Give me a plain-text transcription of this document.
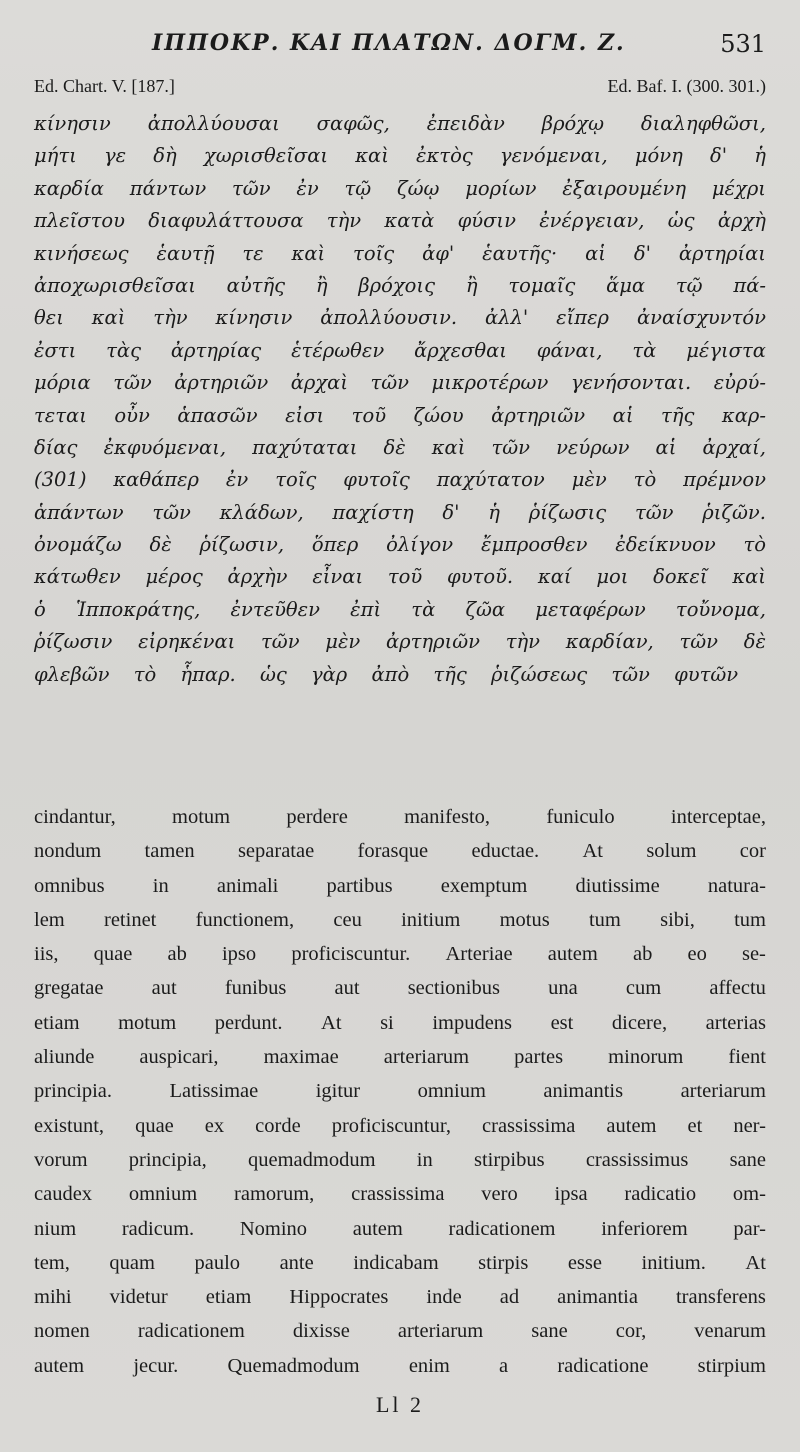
ΙΠΠΟΚΡ. ΚΑΙ ΠΛΑΤΩΝ. ΔΟΓΜ. Ζ.	531
Ed. Chart. V. [187.]	Ed. Baf. I. (300. 301.)
κίνησιν ἀπολλύουσαι σαφῶς, ἐπειδὰν βρόχῳ διαληφθῶσι,
μήτι γε δὴ χωρισθεῖσαι καὶ ἐκτὸς γενόμεναι, μόνη δ' ἡ
καρδία πάντων τῶν ἐν τῷ ζώῳ μορίων ἐξαιρουμένη μέχρι
πλεῖστου διαφυλάττουσα τὴν κατὰ φύσιν ἐνέργειαν, ὡς ἀρχὴ
κινήσεως ἑαυτῇ τε καὶ τοῖς ἀφ' ἑαυτῆς· αἱ δ' ἀρτηρίαι
ἀποχωρισθεῖσαι αὐτῆς ἢ βρόχοις ἢ τομαῖς ἅμα τῷ πά-
θει καὶ τὴν κίνησιν ἀπολλύουσιν. ἀλλ' εἴπερ ἀναίσχυντόν
ἐστι τὰς ἀρτηρίας ἑτέρωθεν ἄρχεσθαι φάναι, τὰ μέγιστα
μόρια τῶν ἀρτηριῶν ἀρχαὶ τῶν μικροτέρων γενήσονται. εὐρύ-
τεται οὖν ἁπασῶν εἰσι τοῦ ζώου ἀρτηριῶν αἱ τῆς καρ-
δίας ἐκφυόμεναι, παχύταται δὲ καὶ τῶν νεύρων αἱ ἀρχαί,
(301) καθάπερ ἐν τοῖς φυτοῖς παχύτατον μὲν τὸ πρέμνον
ἁπάντων τῶν κλάδων, παχίστη δ' ἡ ῥίζωσις τῶν ῥιζῶν.
ὀνομάζω δὲ ῥίζωσιν, ὅπερ ὀλίγον ἔμπροσθεν ἐδείκνυον τὸ
κάτωθεν μέρος ἀρχὴν εἶναι τοῦ φυτοῦ. καί μοι δοκεῖ καὶ
ὁ Ἱπποκράτης, ἐντεῦθεν ἐπὶ τὰ ζῶα μεταφέρων τοὔνομα,
ῥίζωσιν εἰρηκέναι τῶν μὲν ἀρτηριῶν τὴν καρδίαν, τῶν δὲ
φλεβῶν τὸ ἧπαρ. ὡς γὰρ ἀπὸ τῆς ῥιζώσεως τῶν φυτῶν
cindantur,	motum	perdere	manifesto,	funiculo	interceptae,
nondum tamen separatae forasque eductae. At solum cor
omnibus in animali partibus exemptum diutissime natura-
lem retinet functionem, ceu initium motus tum sibi, tum
iis, quae ab ipso proficiscuntur. Arteriae autem ab eo se-
gregatae aut funibus aut sectionibus una cum affectu
etiam motum perdunt. At si impudens est dicere, arterias
aliunde auspicari, maximae arteriarum partes minorum fient
principia.	Latissimae	igitur	omnium	animantis	arteriarum
existunt, quae ex corde proficiscuntur, crassissima autem et ner-
vorum principia, quemadmodum in stirpibus crassissimus sane
caudex omnium ramorum, crassissima vero ipsa radicatio om-
nium radicum. Nomino autem radicationem inferiorem par-
tem, quam paulo ante indicabam stirpis esse initium. At
mihi videtur etiam Hippocrates inde ad animantia transferens
nomen radicationem dixisse arteriarum sane cor, venarum
autem jecur. Quemadmodum enim a radicatione stirpium
Ll 2
